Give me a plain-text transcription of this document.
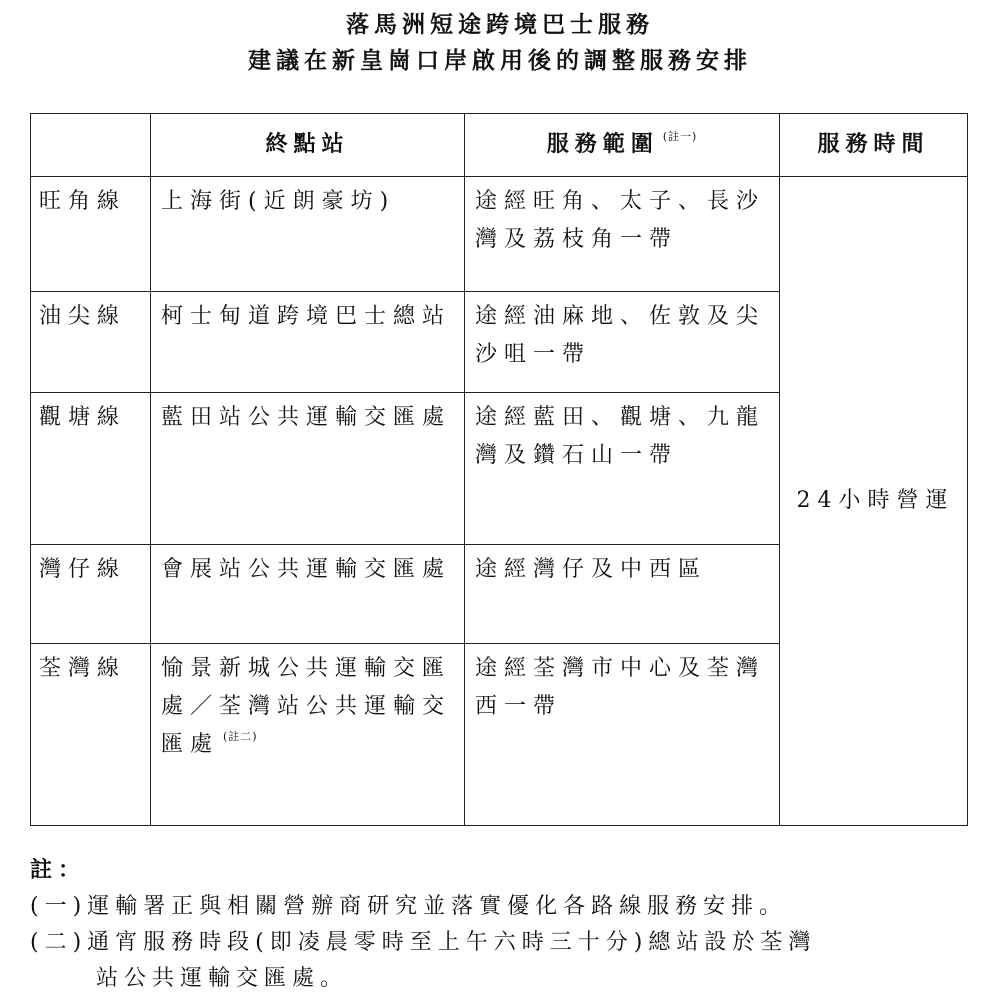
落馬洲短途跨境巴士服務
建議在新皇崗口岸啟用後的調整服務安排
	終點站	服務範圍 $^{(註一)}$	服務時間
旺角線	上海街(近朗豪坊)	途經旺角、太子、長沙灣及荔枝角一帶	24小時營運
油尖線	柯士甸道跨境巴士總站	途經油麻地、佐敦及尖沙咀一帶	
觀塘線	藍田站公共運輸交匯處	途經藍田、觀塘、九龍灣及鑽石山一帶	
灣仔線	會展站公共運輸交匯處	途經灣仔及中西區	
荃灣線	愉景新城公共運輸交匯處／荃灣站公共運輸交匯處 $^{(註二)}$	途經荃灣市中心及荃灣西一帶	
註：
(一)運輸署正與相關營辦商研究並落實優化各路線服務安排。
(二)通宵服務時段(即凌晨零時至上午六時三十分)總站設於荃灣
站公共運輸交匯處。
